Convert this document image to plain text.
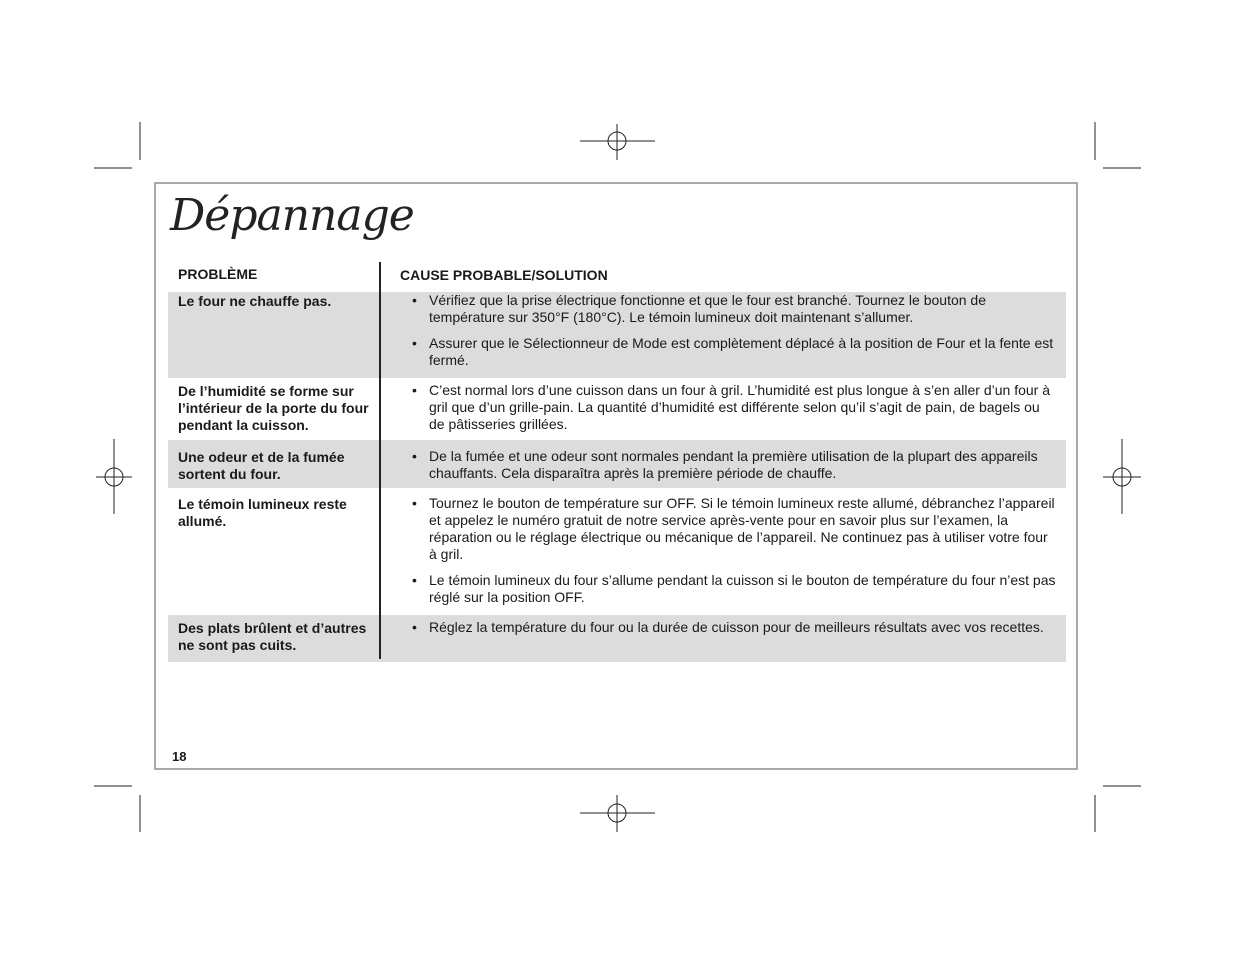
Dépannage
PROBLÈME	CAUSE PROBABLE/SOLUTION
Le four ne chauffe pas.
•	Vérifiez que la prise électrique fonctionne et que le four est branché. Tournez le bouton de température sur 350°F (180°C). Le témoin lumineux doit maintenant s’allumer.
• Assurer que le Sélectionneur de Mode est complètement déplacé à la position de Four et la fente est fermé.
De l’humidité se forme sur l’intérieur de la porte du four pendant la cuisson.
• C’est normal lors d’une cuisson dans un four à gril. L’humidité est plus longue à s’en aller d’un four à gril que d’un grille-pain. La quantité d’humidité est différente selon qu’il s’agit de pain, de bagels ou de pâtisseries grillées.
Une odeur et de la fumée sortent du four.
• De la fumée et une odeur sont normales pendant la première utilisation de la plupart des appareils chauffants. Cela disparaîtra après la première période de chauffe.
Le témoin lumineux reste allumé.
• Tournez le bouton de température sur OFF. Si le témoin lumineux reste allumé, débranchez l’appareil et appelez le numéro gratuit de notre service après-vente pour en savoir plus sur l’examen, la réparation ou le réglage électrique ou mécanique de l’appareil. Ne continuez pas à utiliser votre four à gril.
• Le témoin lumineux du four s’allume pendant la cuisson si le bouton de température du four n’est pas réglé sur la position OFF.
Des plats brûlent et d’autres ne sont pas cuits.
• Réglez la température du four ou la durée de cuisson pour de meilleurs résultats avec vos recettes.
18
